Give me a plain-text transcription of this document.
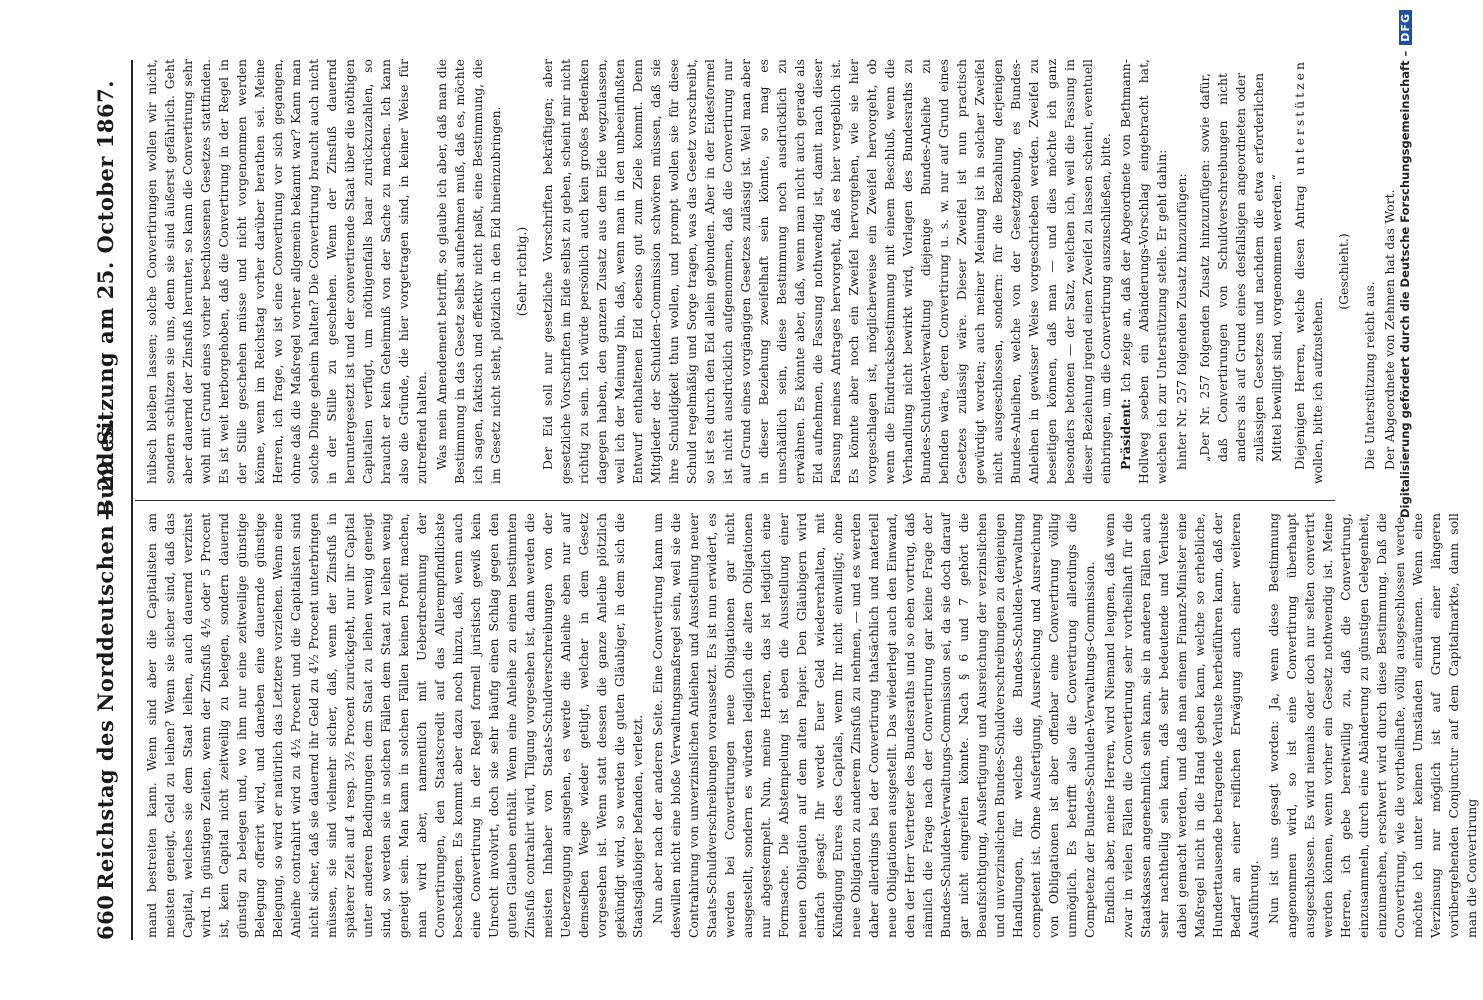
660
Reichstag des Norddeutschen Bundes.
— 29. Sitzung am 25. October 1867.

mand bestreiten kann. Wenn sind aber die Capitalisten am meisten geneigt, Geld zu leihen? Wenn sie sicher sind, daß das Capital, welches sie dem Staat leihen, auch dauernd verzinst wird. In günstigen Zeiten, wenn der Zinsfuß 4½ oder 5 Procent ist, kein Capital nicht zeitweilig zu belegen, sondern dauernd günstig zu belegen und, wo ihm nur eine zeitweilige günstige Belegung offerirt wird, und daneben eine dauernde günstige Belegung, so wird er natürlich das Letztere vorziehen. Wenn eine Anleihe contrahirt wird zu 4½ Procent und die Capitalisten sind nicht sicher, daß sie dauernd ihr Geld zu 4½ Procent unterbringen müssen, sie sind vielmehr sicher, daß, wenn der Zinsfuß in späterer Zeit auf 4 resp. 3½ Procent zurückgeht, nur ihr Capital unter anderen Bedingungen dem Staat zu leihen wenig geneigt sind, so werden sie in solchen Fällen dem Staat zu leihen wenig geneigt sein. Man kann in solchen Fällen keinen Profit machen, man wird aber, namentlich mit Ueberdrechnung der Convertirungen, den Staatscredit auf das Allerempfindlichste beschädigen. Es kommt aber dazu noch hinzu, daß, wenn auch eine Convertirung in der Regel formell juristisch gewiß kein Unrecht involvirt, doch sie sehr häufig einen Schlag gegen den guten Glauben enthält. Wenn eine Anleihe zu einem bestimmten Zinsfuß contrahirt wird, Tilgung vorgesehen ist, dann werden die meisten Inhaber von Staats-Schuldverschreibungen von der Ueberzeugung ausgehen, es werde die Anleihe eben nur auf demselben Wege wieder getilgt, welcher in dem Gesetz vorgesehen ist. Wenn statt dessen die ganze Anleihe plötzlich gekündigt wird, so werden die guten Gläubiger, in dem sich die Staatsgläubiger befanden, verletzt. Nun aber nach der anderen Seite. Eine Convertirung kann um deswillen nicht eine bloße Verwaltungsmaßregel sein, weil sie die Contrahirung von unverzinslichen Anleihen und Ausstellung neuer Staats-Schuldverschreibungen voraussetzt. Es ist nun erwidert, es werden bei Convertirungen neue Obligationen gar nicht ausgestellt, sondern es würden lediglich die alten Obligationen nur abgestempelt. Nun, meine Herren, das ist lediglich eine Formsache. Die Abstempelung ist eben die Ausstellung einer neuen Obligation auf dem alten Papier. Den Gläubigern wird einfach gesagt: Ihr werdet Euer Geld wiedererhalten, mit Kündigung Eures des Capitals, wenn Ihr nicht einwilligt; ohne neue Obligation zu anderem Zinsfuß zu nehmen, — und es werden daher allerdings bei der Convertirung thatsächlich und materiell neue Obligationen ausgestellt. Das wiederlegt auch den Einwand, den der Herr Vertreter des Bundesraths und so eben vortrug, daß nämlich die Frage nach der Convertirung gar keine Frage der Bundes-Schulden-Verwaltungs-Commission sei, da sie doch darauf gar nicht eingreifen könnte. Nach § 6 und 7 gehört die Beaufsichtigung, Ausfertigung und Ausreichung der verzinslichen und unverzinslichen Bundes-Schuldverschreibungen zu denjenigen Handlungen, für welche die Bundes-Schulden-Verwaltung competent ist. Ohne Ausfertigung, Ausreichung und Ausreichung von Obligationen ist aber offenbar eine Convertirung völlig unmöglich. Es betrifft also die Convertirung allerdings die Competenz der Bundes-Schulden-Verwaltungs-Commission. Endlich aber, meine Herren, wird Niemand leugnen, daß wenn zwar in vielen Fällen die Convertirung sehr vortheilhaft für die Staatskassen angenehmlich sein kann, sie in anderen Fällen auch sehr nachtheilig sein kann, daß sehr bedeutende und Verluste dabei gemacht werden, und daß man einem Finanz-Minister eine Maßregel nicht in die Hand geben kann, welche so erhebliche, Hunderttausende betragende Verluste herbeiführen kann, daß der Bedarf an einer reiflichen Erwägung auch einer weiteren Ausführung. Nun ist uns gesagt worden: Ja, wenn diese Bestimmung angenommen wird, so ist eine Convertirung überhaupt ausgeschlossen. Es wird niemals oder doch nur selten convertirt werden können, wenn vorher ein Gesetz nothwendig ist. Meine Herren, ich gebe bereitwillig zu, daß die Convertirung, einzusammeln, durch eine Abänderung zu günstigen Gelegenheit, einzumachen, erschwert wird durch diese Bestimmung. Daß die Convertirung, wie die vortheilhafte, völlig ausgeschlossen werde, möchte ich unter keinen Umständen einräumen. Wenn eine Verzinsung nur möglich ist auf Grund einer längeren vorübergehenden Conjunctur auf dem Capitalmarkte, dann soll man die Convertirung

hübsch bleiben lassen; solche Convertirungen wollen wir nicht, sondern schützen sie uns, denn sie sind äußerst gefährlich. Geht aber dauernd der Zinsfuß herunter, so kann die Convertirung sehr wohl mit Grund eines vorher beschlossenen Gesetzes stattfinden. Es ist weit herborgehoben, daß die Convertirung in der Regel in der Stille geschehen müsse und nicht vorgenommen werden könne, wenn im Reichstag vorher darüber berathen sei. Meine Herren, ich frage, wo ist eine Convertirung vor sich gegangen, ohne daß die Maßregel vorher allgemein bekannt war? Kann man solche Dinge geheim halten? Die Convertirung braucht auch nicht in der Stille zu geschehen. Wenn der Zinsfuß dauernd heruntergesetzt ist und der convertirende Staat über die nöthigen Capitalien verfügt, um nöthigenfalls baar zurückzuzahlen, so braucht er kein Geheimniß von der Sache zu machen. Ich kann also die Gründe, die hier vorgetragen sind, in keiner Weise für zutreffend halten. Was mein Amendement betrifft, so glaube ich aber, daß man die Bestimmung in das Gesetz selbst aufnehmen muß, daß es, möchte ich sagen, faktisch und effektiv nicht paßt, eine Bestimmung, die im Gesetz nicht steht, plötzlich in den Eid hineinzubringen. (Sehr richtig.) Der Eid soll nur gesetzliche Vorschriften bekräftigen; aber gesetzliche Vorschriften im Eide selbst zu geben, scheint mir nicht richtig zu sein. Ich würde persönlich auch kein großes Bedenken dagegen haben, den ganzen Zusatz aus dem Eide wegzulassen, weil ich der Meinung bin, daß, wenn man in den unbeeinflußten Entwurf enthaltenen Eid ebenso gut zum Ziele kommt. Denn Mitglieder der Schulden-Commission schwören müssen, daß sie ihre Schuldigkeit thun wollen, und prompt wollen sie für diese Schuld regelmäßig und Sorge tragen, was das Gesetz vorschreibt, so ist es durch den Eid allein gebunden. Aber in der Eidesformel ist nicht ausdrücklich aufgenommen, daß die Convertirung nur auf Grund eines vorgängigen Gesetzes zulässig ist. Weil man aber in dieser Beziehung zweifelhaft sein könnte, so mag es unschädlich sein, diese Bestimmung noch ausdrücklich zu erwähnen. Es könnte aber, daß, wenn man nicht auch gerade als Eid aufnehmen, die Fassung nothwendig ist, damit nach dieser Fassung meines Antrages hervorgeht, daß es hier vergeblich ist. Es könnte aber noch ein Zweifel hervorgehen, wie sie hier vorgeschlagen ist, möglicherweise ein Zweifel hervorgeht, ob wenn die Eindrucksbestimmung mit einem Beschluß, wenn die Verhandlung nicht bewirkt wird, Vorlagen des Bundesraths zu Bundes-Schulden-Verwaltung diejenige Bundes-Anleihe zu befinden wäre, deren Convertirung u. s. w. nur auf Grund eines Gesetzes zulässig wäre. Dieser Zweifel ist nun practisch gewürdigt worden; auch meiner Meinung ist in solcher Zweifel nicht ausgeschlossen, sondern: für die Bezahlung derjenigen Bundes-Anleihen, welche von der Gesetzgebung, es Bundes-Anleihen in gewisser Weise vorgeschrieben werden. Zweifel zu beseitigen können, daß man — und dies möchte ich ganz besonders betonen — der Satz, welchen ich, weil die Fassung in dieser Beziehung irgend einen Zweifel zu lassen scheint, eventuell einbringen, um die Convertirung auszuschließen, bitte. Präsident: Ich zeige an, daß der Abgeordnete von Bethmann-Hollweg soeben ein Abänderungs-Vorschlag eingebracht hat, welchen ich zur Unterstützung stelle. Er geht dahin: hinter Nr. 257 folgenden Zusatz hinzuzufügen: „Der Nr. 257 folgenden Zusatz hinzuzufügen: sowie dafür, daß Convertirungen von Schuldverschreibungen nicht anders als auf Grund eines desfallsigen angeordneten oder zulässigen Gesetzes und nachdem die etwa erforderlichen Mittel bewilligt sind, vorgenommen werden.“ Diejenigen Herren, welche diesen Antrag unterstützen wollen, bitte ich aufzustehen.

(Geschieht.)

Die Unterstützung reicht aus. Der Abgeordnete von Zehmen hat das Wort. Digitalisierung gefördert durch die Deutsche Forschungsgemeinschaft –DFG
